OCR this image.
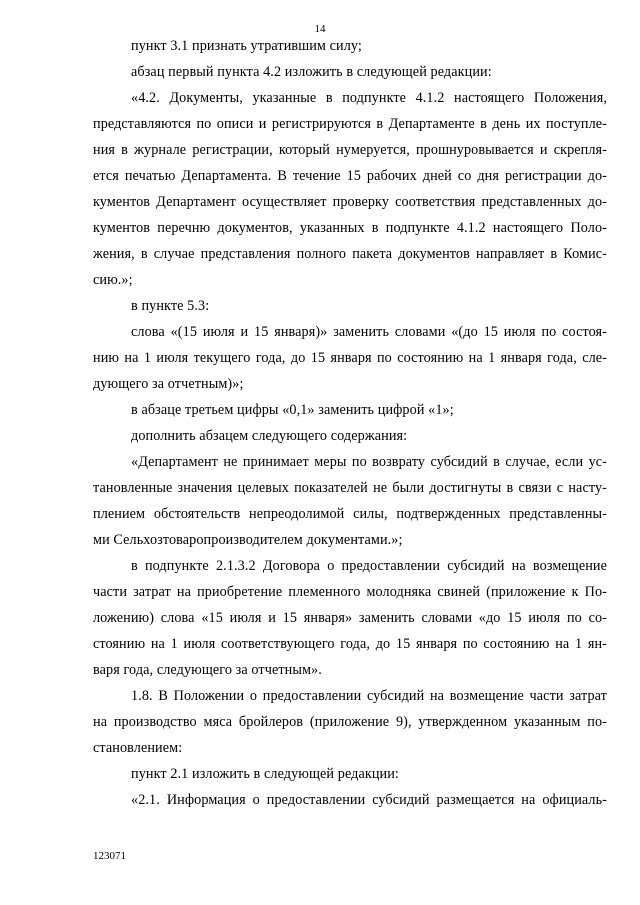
14
пункт 3.1 признать утратившим силу;
абзац первый пункта 4.2 изложить в следующей редакции:
«4.2. Документы, указанные в подпункте 4.1.2 настоящего Положения,
представляются по описи и регистрируются в Департаменте в день их поступле-
ния в журнале регистрации, который нумеруется, прошнуровывается и скрепля-
ется печатью Департамента. В течение 15 рабочих дней со дня регистрации до-
кументов Департамент осуществляет проверку соответствия представленных до-
кументов перечню документов, указанных в подпункте 4.1.2 настоящего Поло-
жения, в случае представления полного пакета документов направляет в Комис-
сию.»;
в пункте 5.3:
слова «(15 июля и 15 января)» заменить словами «(до 15 июля по состоя-
нию на 1 июля текущего года, до 15 января по состоянию на 1 января года, сле-
дующего за отчетным)»;
в абзаце третьем цифры «0,1» заменить цифрой «1»;
дополнить абзацем следующего содержания:
«Департамент не принимает меры по возврату субсидий в случае, если ус-
тановленные значения целевых показателей не были достигнуты в связи с насту-
плением обстоятельств непреодолимой силы, подтвержденных представленны-
ми Сельхозтоваропроизводителем документами.»;
в подпункте 2.1.3.2 Договора о предоставлении субсидий на возмещение
части затрат на приобретение племенного молодняка свиней (приложение к По-
ложению) слова «15 июля и 15 января» заменить словами «до 15 июля по со-
стоянию на 1 июля соответствующего года, до 15 января по состоянию на 1 ян-
варя года, следующего за отчетным».
1.8. В Положении о предоставлении субсидий на возмещение части затрат
на производство мяса бройлеров (приложение 9), утвержденном указанным по-
становлением:
пункт 2.1 изложить в следующей редакции:
«2.1. Информация о предоставлении субсидий размещается на официаль-
123071
